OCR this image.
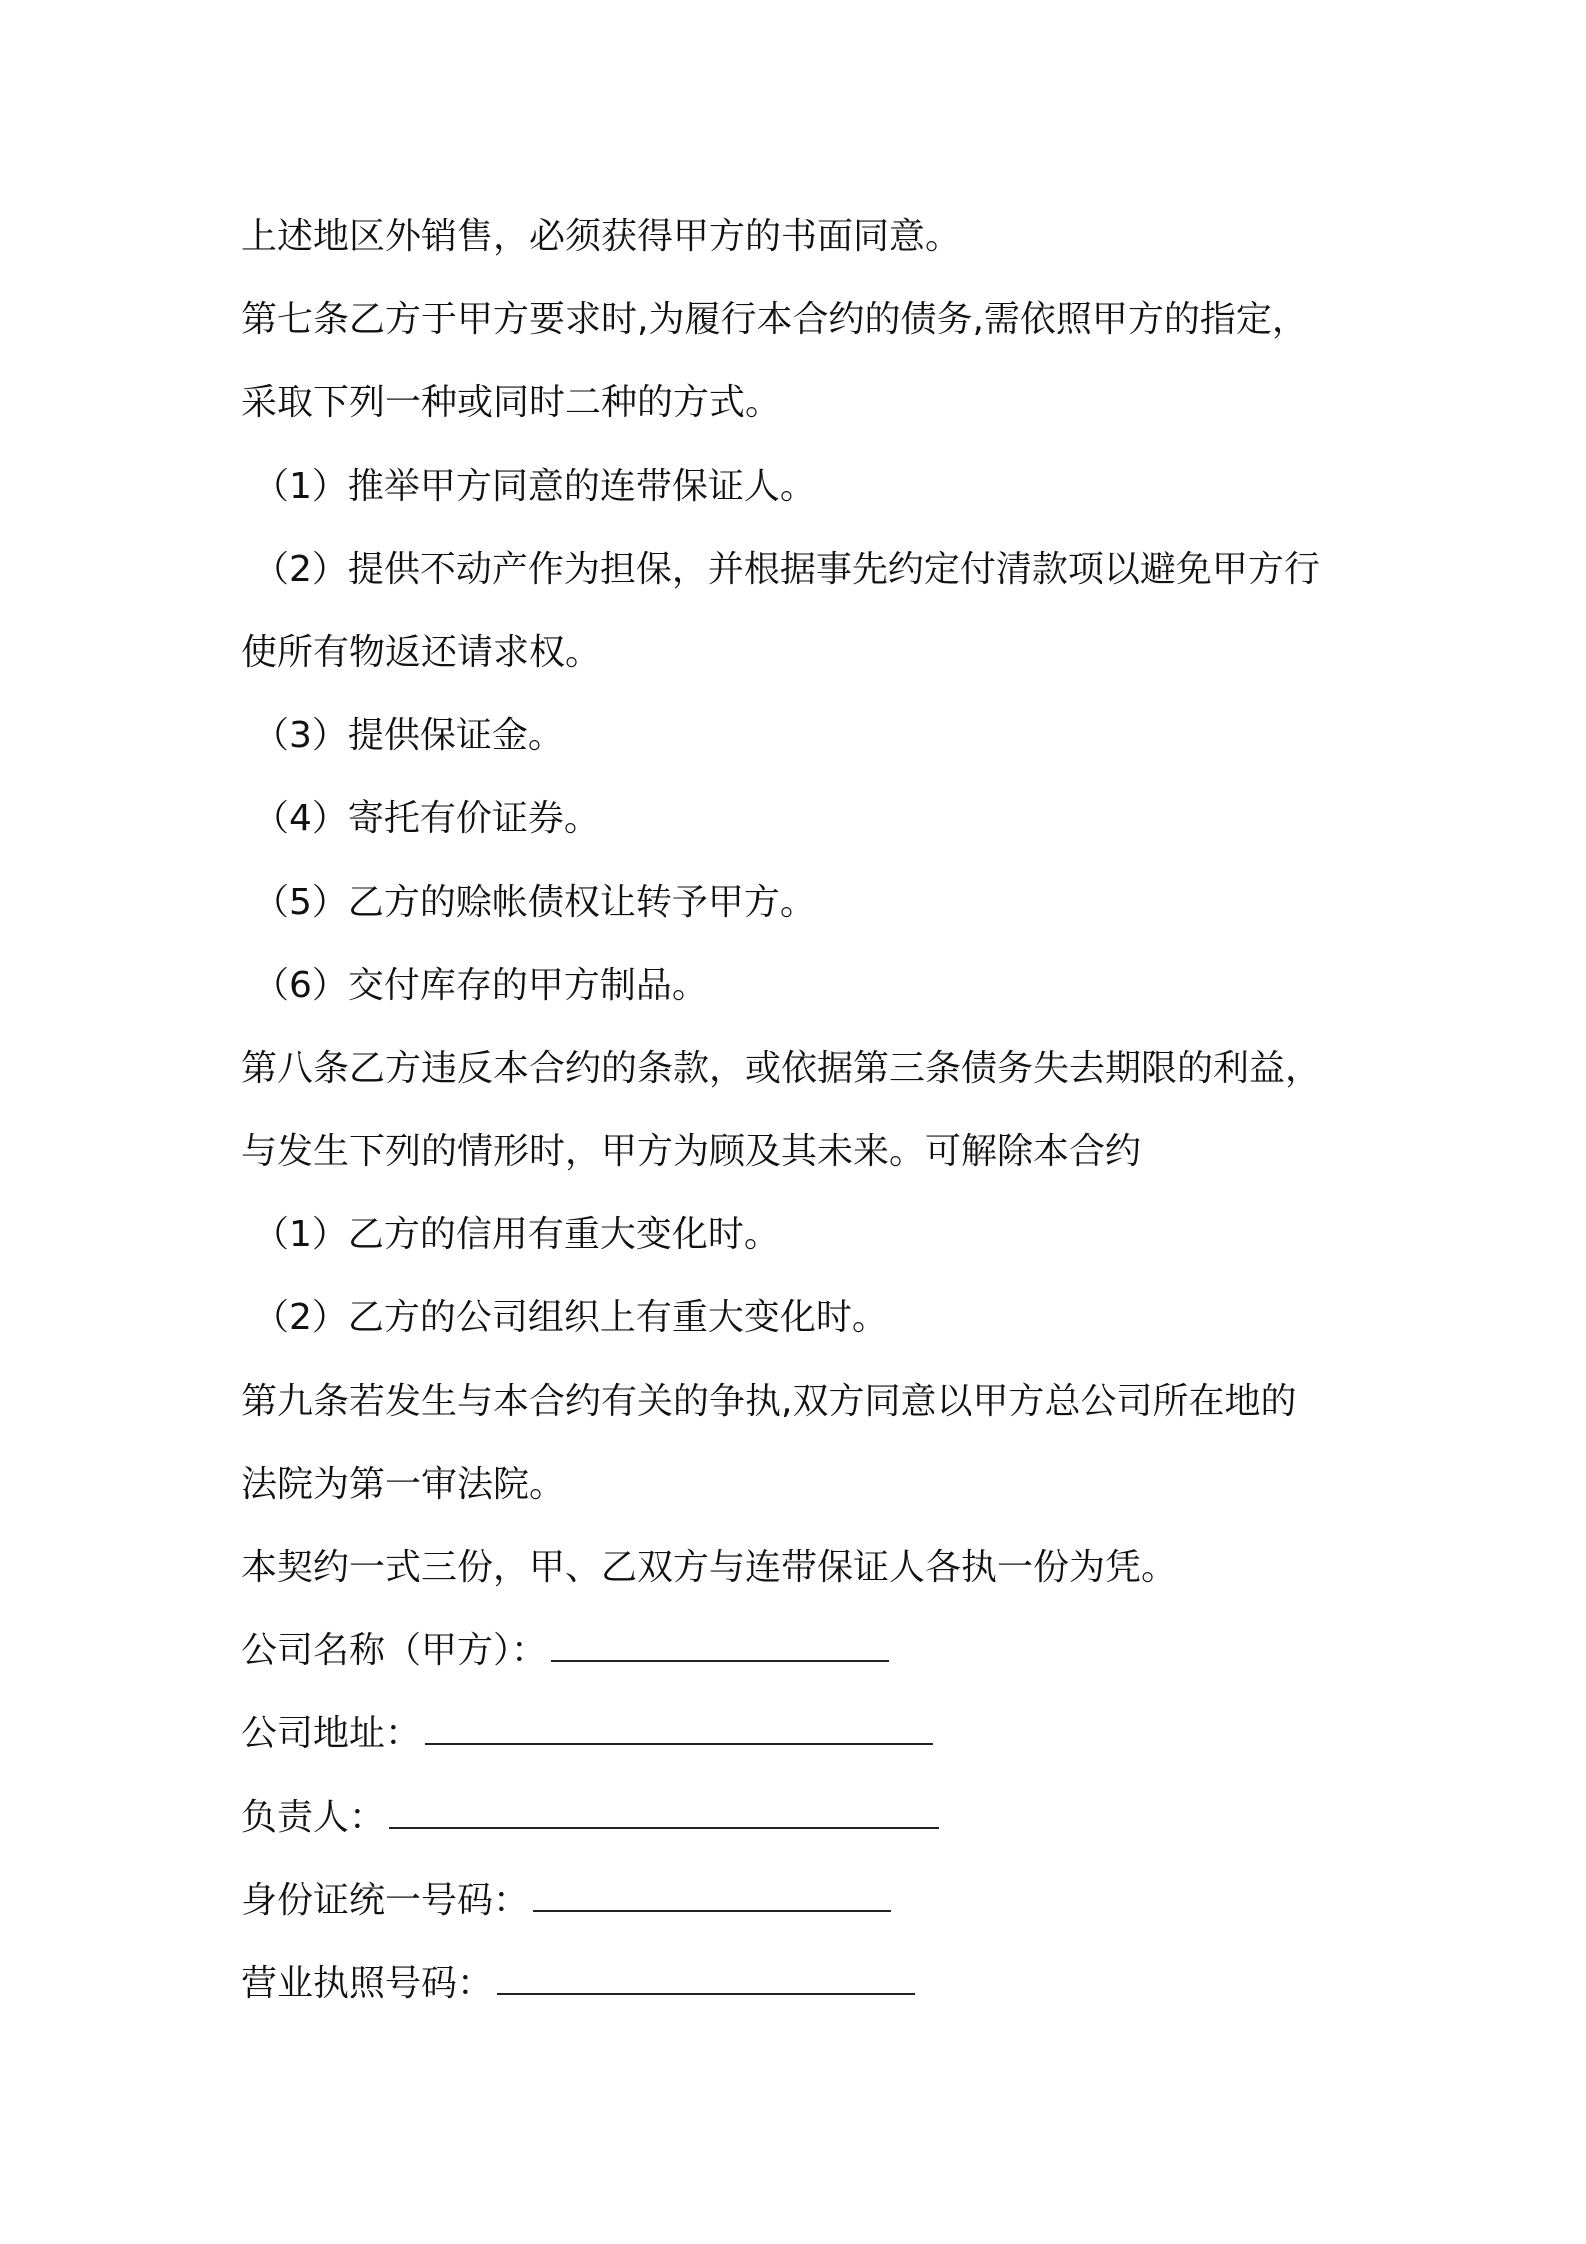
上述地区外销售，必须获得甲方的书面同意。
第七条乙方于甲方要求时,为履行本合约的债务,需依照甲方的指定，
采取下列一种或同时二种的方式。
（1）推举甲方同意的连带保证人。
（2）提供不动产作为担保，并根据事先约定付清款项以避免甲方行
使所有物返还请求权。
（3）提供保证金。
（4）寄托有价证券。
（5）乙方的赊帐债权让转予甲方。
（6）交付库存的甲方制品。
第八条乙方违反本合约的条款，或依据第三条债务失去期限的利益，
与发生下列的情形时，甲方为顾及其未来。可解除本合约
（1）乙方的信用有重大变化时。
（2）乙方的公司组织上有重大变化时。
第九条若发生与本合约有关的争执,双方同意以甲方总公司所在地的
法院为第一审法院。
本契约一式三份，甲、乙双方与连带保证人各执一份为凭。
公司名称（甲方）：
公司地址：
负责人：
身份证统一号码：
营业执照号码：
